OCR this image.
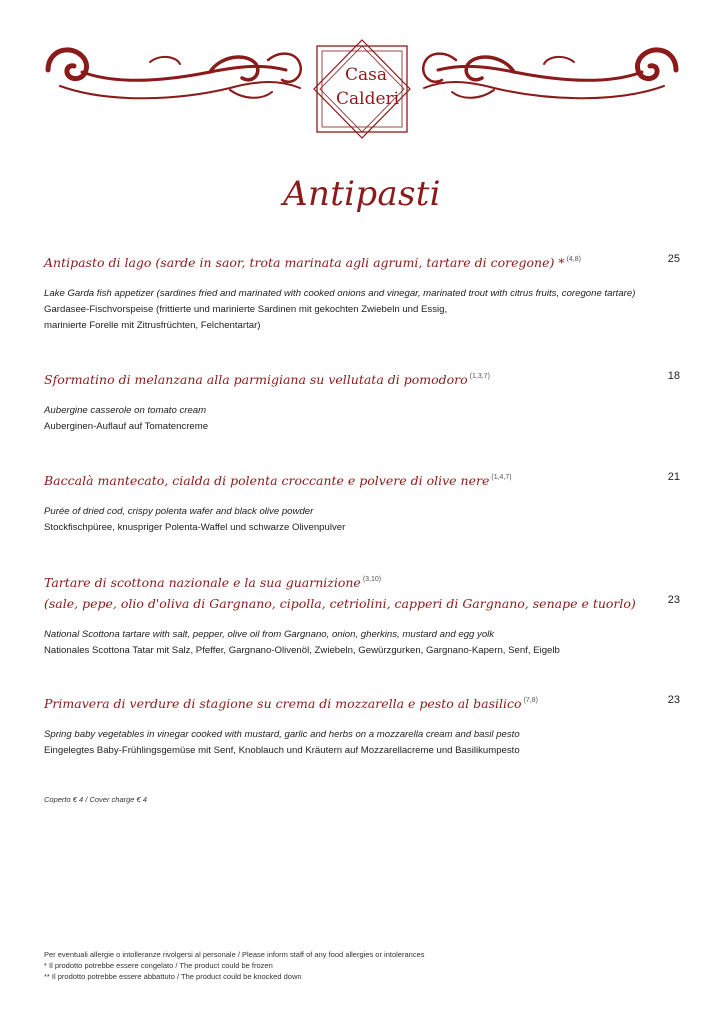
Casa
Calderi
Antipasti
Antipasto di lago (sarde in saor, trota marinata agli agrumi, tartare di coregone) * $^{(4,8)}$	25
Lake Garda fish appetizer (sardines fried and marinated with cooked onions and vinegar, marinated trout with citrus fruits, coregone tartare)
Gardasee-Fischvorspeise (frittierte und marinierte Sardinen mit gekochten Zwiebeln und Essig,
marinierte Forelle mit Zitrusfrüchten, Felchentartar)
Sformatino di melanzana alla parmigiana su vellutata di pomodoro $^{(1,3,7)}$	18
Aubergine casserole on tomato cream
Auberginen-Auflauf auf Tomatencreme
Baccalà mantecato, cialda di polenta croccante e polvere di olive nere $^{(1,4,7)}$	21
Purée of dried cod, crispy polenta wafer and black olive powder
Stockfischpüree, knuspriger Polenta-Waffel und schwarze Olivenpulver
Tartare di scottona nazionale e la sua guarnizione $^{(3,10)}$
(sale, pepe, olio d'oliva di Gargnano, cipolla, cetriolini, capperi di Gargnano, senape e tuorlo)	23
National Scottona tartare with salt, pepper, olive oil from Gargnano, onion, gherkins, mustard and egg yolk
Nationales Scottona Tatar mit Salz, Pfeffer, Gargnano-Olivenöl, Zwiebeln, Gewürzgurken, Gargnano-Kapern, Senf, Eigelb
Primavera di verdure di stagione su crema di mozzarella e pesto al basilico $^{(7,8)}$	23
Spring baby vegetables in vinegar cooked with mustard, garlic and herbs on a mozzarella cream and basil pesto
Eingelegtes Baby-Frühlingsgemüse mit Senf, Knoblauch und Kräutern auf Mozzarellacreme und Basilikumpesto
Coperto € 4 / Cover charge € 4
Per eventuali allergie o intolleranze rivolgersi al personale / Please inform staff of any food allergies or intolerances
* Il prodotto potrebbe essere congelato / The product could be frozen
** Il prodotto potrebbe essere abbattuto / The product could be knocked down
